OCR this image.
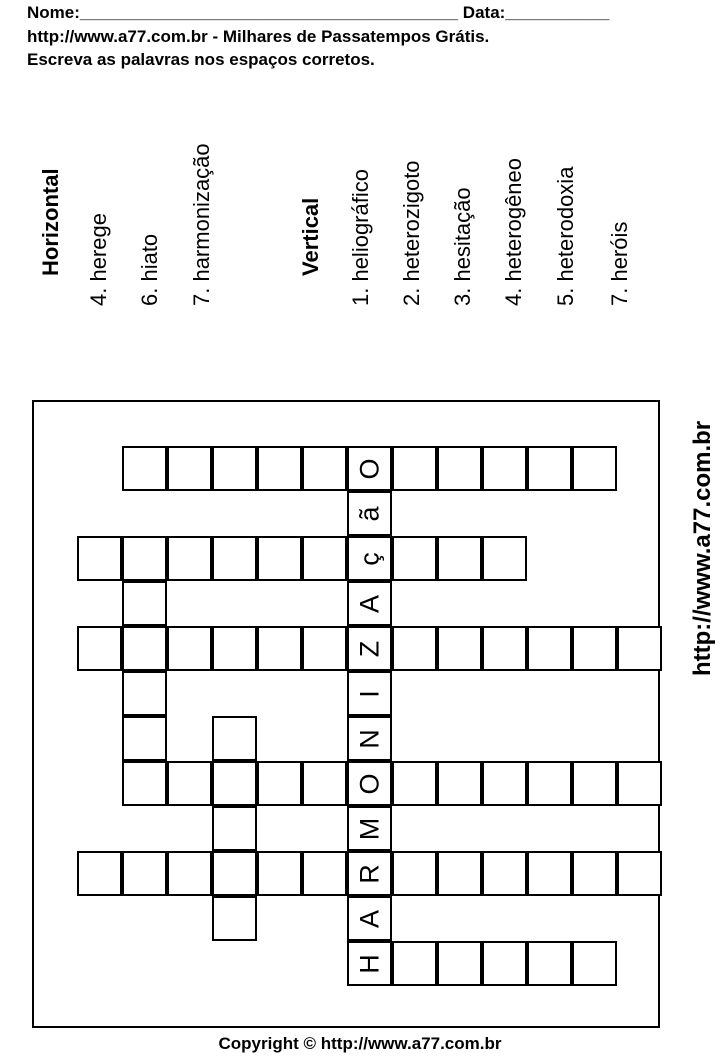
Nome:________________________________________ Data:___________
http://www.a77.com.br - Milhares de Passatempos Grátis.
Escreva as palavras nos espaços corretos.
Horizontal 4. herege 6. hiato 7. harmonização	Vertical 1. heliográfico 2. heterozigoto 3. hesitação 4. heterogêneo 5. heterodoxia 7. heróis
http://www.a77.com.br
O
ã
ç
A
Z
I
N
O
M
R
A
H
Copyright © http://www.a77.com.br
